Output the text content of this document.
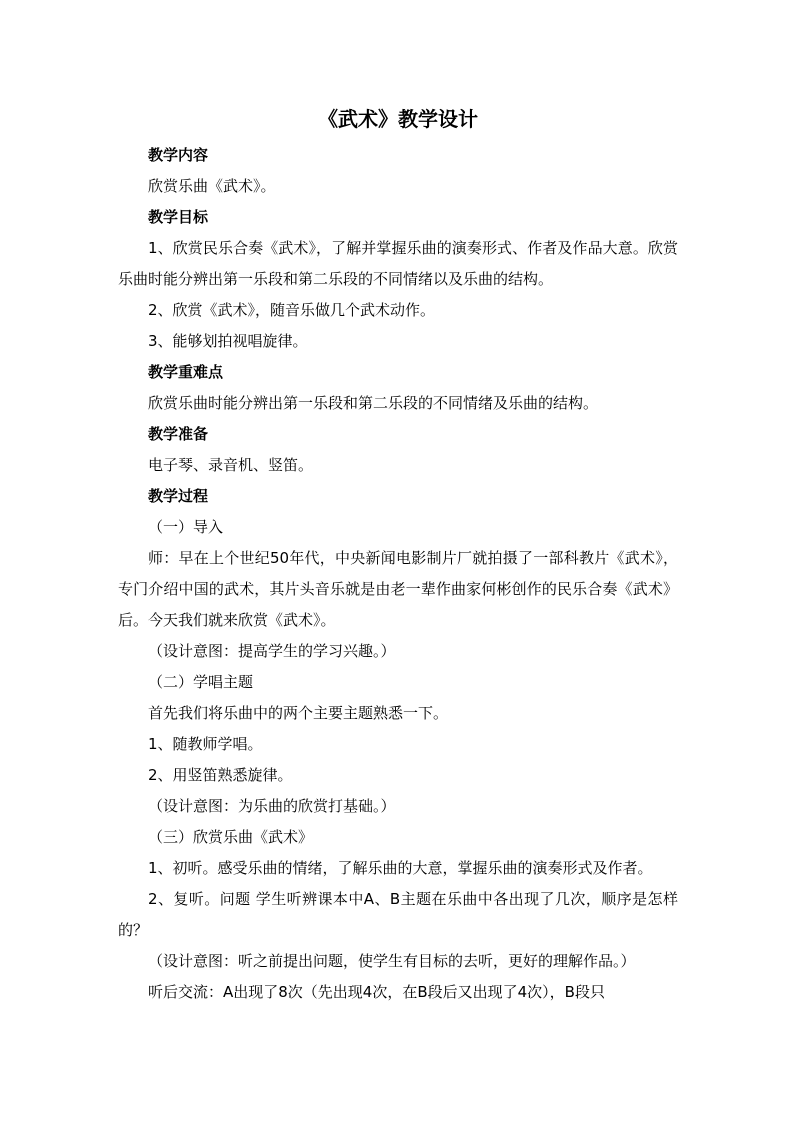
《武术》教学设计

教学内容

欣赏乐曲《武术》。

教学目标

1、欣赏民乐合奏《武术》，了解并掌握乐曲的演奏形式、作者及作品大意。欣赏乐曲时能分辨出第一乐段和第二乐段的不同情绪以及乐曲的结构。

2、欣赏《武术》，随音乐做几个武术动作。

3、能够划拍视唱旋律。

教学重难点

欣赏乐曲时能分辨出第一乐段和第二乐段的不同情绪及乐曲的结构。

教学准备

电子琴、录音机、竖笛。

教学过程

（一）导入

师：早在上个世纪50年代，中央新闻电影制片厂就拍摄了一部科教片《武术》，专门介绍中国的武术，其片头音乐就是由老一辈作曲家何彬创作的民乐合奏《武术》后。今天我们就来欣赏《武术》。

（设计意图：提高学生的学习兴趣。）

（二）学唱主题

首先我们将乐曲中的两个主要主题熟悉一下。

1、随教师学唱。

2、用竖笛熟悉旋律。

（设计意图：为乐曲的欣赏打基础。）

（三）欣赏乐曲《武术》

1、初听。感受乐曲的情绪，了解乐曲的大意，掌握乐曲的演奏形式及作者。

2、复听。问题 学生听辨课本中A、B主题在乐曲中各出现了几次，顺序是怎样的？

（设计意图：听之前提出问题，使学生有目标的去听，更好的理解作品。）

听后交流：A出现了8次（先出现4次，在B段后又出现了4次），B段只
